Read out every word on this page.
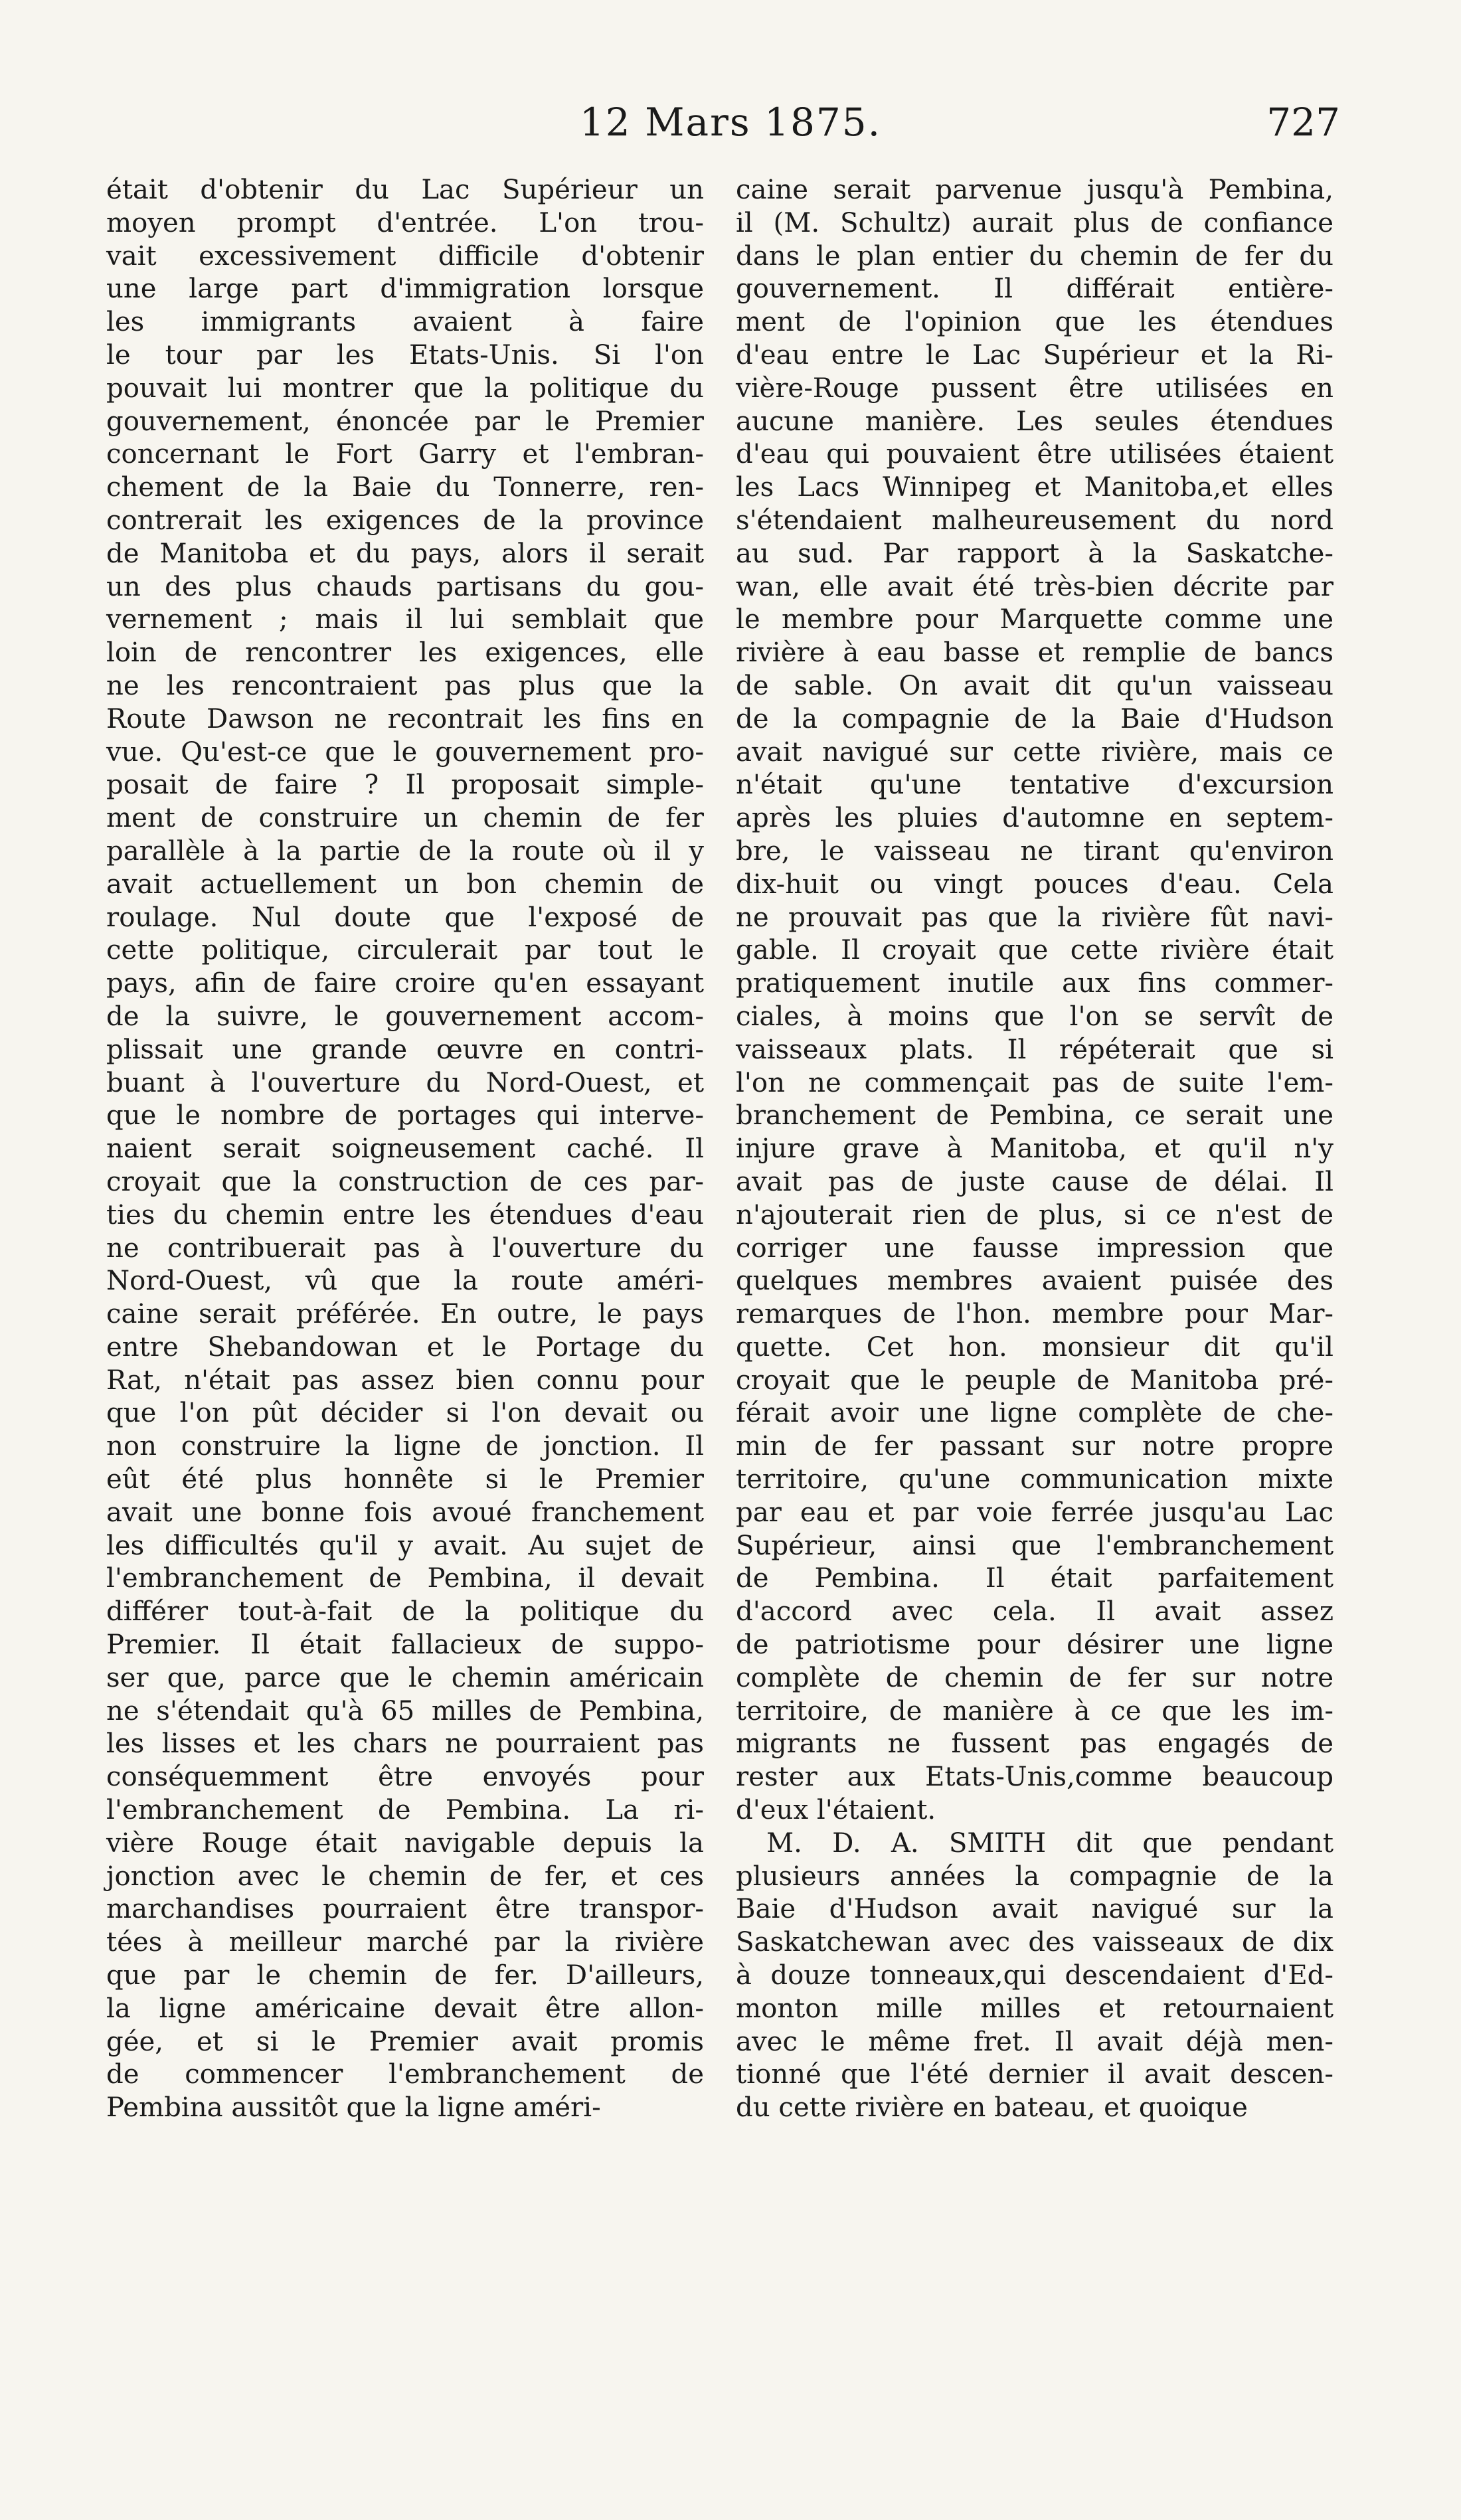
12 Mars 1875.	727
était d'obtenir du Lac Supérieur un
moyen prompt d'entrée. L'on trou-
vait excessivement difficile d'obtenir
une large part d'immigration lorsque
les immigrants avaient à faire
le tour par les Etats-Unis. Si l'on
pouvait lui montrer que la politique du
gouvernement, énoncée par le Premier
concernant le Fort Garry et l'embran-
chement de la Baie du Tonnerre, ren-
contrerait les exigences de la province
de Manitoba et du pays, alors il serait
un des plus chauds partisans du gou-
vernement ; mais il lui semblait que
loin de rencontrer les exigences, elle
ne les rencontraient pas plus que la
Route Dawson ne recontrait les fins en
vue. Qu'est-ce que le gouvernement pro-
posait de faire ? Il proposait simple-
ment de construire un chemin de fer
parallèle à la partie de la route où il y
avait actuellement un bon chemin de
roulage. Nul doute que l'exposé de
cette politique, circulerait par tout le
pays, afin de faire croire qu'en essayant
de la suivre, le gouvernement accom-
plissait une grande œuvre en contri-
buant à l'ouverture du Nord-Ouest, et
que le nombre de portages qui interve-
naient serait soigneusement caché. Il
croyait que la construction de ces par-
ties du chemin entre les étendues d'eau
ne contribuerait pas à l'ouverture du
Nord-Ouest, vû que la route améri-
caine serait préférée. En outre, le pays
entre Shebandowan et le Portage du
Rat, n'était pas assez bien connu pour
que l'on pût décider si l'on devait ou
non construire la ligne de jonction. Il
eût été plus honnête si le Premier
avait une bonne fois avoué franchement
les difficultés qu'il y avait. Au sujet de
l'embranchement de Pembina, il devait
différer tout-à-fait de la politique du
Premier. Il était fallacieux de suppo-
ser que, parce que le chemin américain
ne s'étendait qu'à 65 milles de Pembina,
les lisses et les chars ne pourraient pas
conséquemment être envoyés pour
l'embranchement de Pembina. La ri-
vière Rouge était navigable depuis la
jonction avec le chemin de fer, et ces
marchandises pourraient être transpor-
tées à meilleur marché par la rivière
que par le chemin de fer. D'ailleurs,
la ligne américaine devait être allon-
gée, et si le Premier avait promis
de commencer l'embranchement de
Pembina aussitôt que la ligne améri-
caine serait parvenue jusqu'à Pembina,
il (M. Schultz) aurait plus de confiance
dans le plan entier du chemin de fer du
gouvernement. Il différait entière-
ment de l'opinion que les étendues
d'eau entre le Lac Supérieur et la Ri-
vière-Rouge pussent être utilisées en
aucune manière. Les seules étendues
d'eau qui pouvaient être utilisées étaient
les Lacs Winnipeg et Manitoba,et elles
s'étendaient malheureusement du nord
au sud. Par rapport à la Saskatche-
wan, elle avait été très-bien décrite par
le membre pour Marquette comme une
rivière à eau basse et remplie de bancs
de sable. On avait dit qu'un vaisseau
de la compagnie de la Baie d'Hudson
avait navigué sur cette rivière, mais ce
n'était qu'une tentative d'excursion
après les pluies d'automne en septem-
bre, le vaisseau ne tirant qu'environ
dix-huit ou vingt pouces d'eau. Cela
ne prouvait pas que la rivière fût navi-
gable. Il croyait que cette rivière était
pratiquement inutile aux fins commer-
ciales, à moins que l'on se servît de
vaisseaux plats. Il répéterait que si
l'on ne commençait pas de suite l'em-
branchement de Pembina, ce serait une
injure grave à Manitoba, et qu'il n'y
avait pas de juste cause de délai. Il
n'ajouterait rien de plus, si ce n'est de
corriger une fausse impression que
quelques membres avaient puisée des
remarques de l'hon. membre pour Mar-
quette. Cet hon. monsieur dit qu'il
croyait que le peuple de Manitoba pré-
férait avoir une ligne complète de che-
min de fer passant sur notre propre
territoire, qu'une communication mixte
par eau et par voie ferrée jusqu'au Lac
Supérieur, ainsi que l'embranchement
de Pembina. Il était parfaitement
d'accord avec cela. Il avait assez
de patriotisme pour désirer une ligne
complète de chemin de fer sur notre
territoire, de manière à ce que les im-
migrants ne fussent pas engagés de
rester aux Etats-Unis,comme beaucoup
d'eux l'étaient.
M. D. A. SMITH dit que pendant
plusieurs années la compagnie de la
Baie d'Hudson avait navigué sur la
Saskatchewan avec des vaisseaux de dix
à douze tonneaux,qui descendaient d'Ed-
monton mille milles et retournaient
avec le même fret. Il avait déjà men-
tionné que l'été dernier il avait descen-
du cette rivière en bateau, et quoique
